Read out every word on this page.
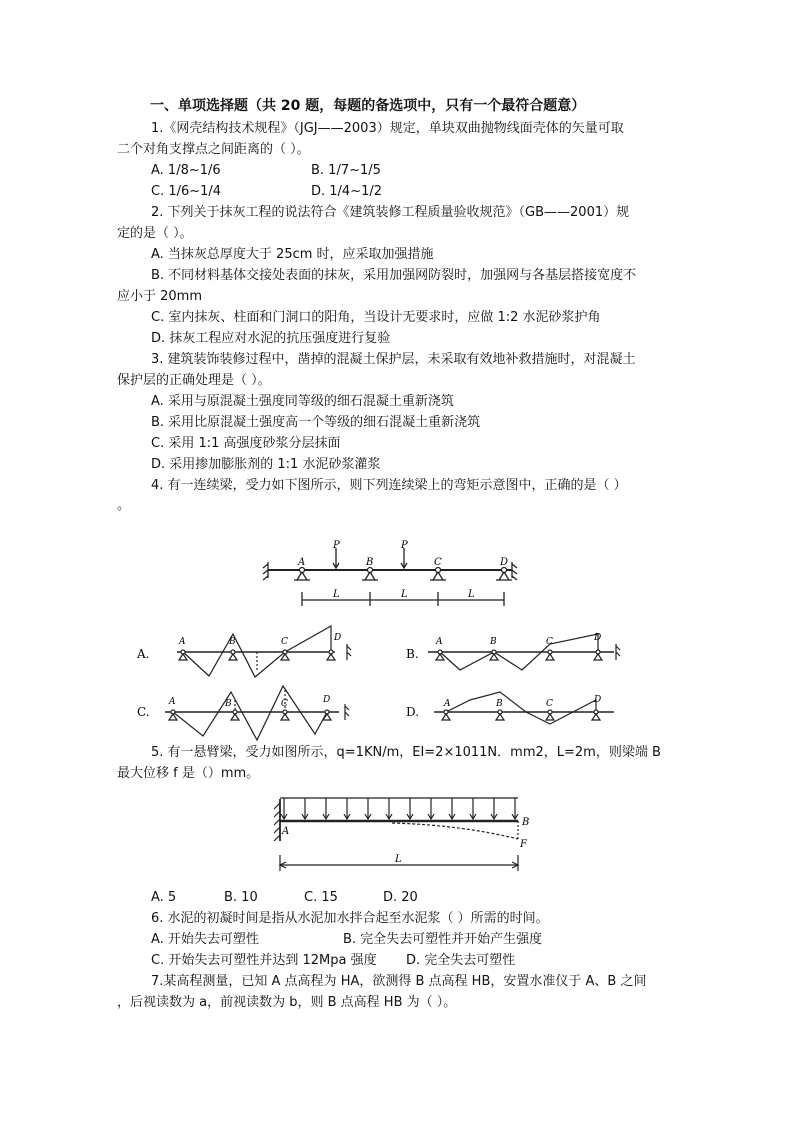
一、单项选择题（共 20 题，每题的备选项中，只有一个最符合题意）
1.《网壳结构技术规程》（JGJ——2003）规定，单块双曲抛物线面壳体的矢量可取
二个对角支撑点之间距离的（ ）。
A. 1/8~1/6	B. 1/7~1/5
C. 1/6~1/4	D. 1/4~1/2
2. 下列关于抹灰工程的说法符合《建筑装修工程质量验收规范》（GB——2001）规
定的是（ ）。
A. 当抹灰总厚度大于 25cm 时，应采取加强措施
B. 不同材料基体交接处表面的抹灰，采用加强网防裂时，加强网与各基层搭接宽度不
应小于 20mm
C. 室内抹灰、柱面和门洞口的阳角，当设计无要求时，应做 1:2 水泥砂浆护角
D. 抹灰工程应对水泥的抗压强度进行复验
3. 建筑装饰装修过程中，凿掉的混凝土保护层，未采取有效地补救措施时，对混凝土
保护层的正确处理是（ ）。
A. 采用与原混凝土强度同等级的细石混凝土重新浇筑
B. 采用比原混凝土强度高一个等级的细石混凝土重新浇筑
C. 采用 1:1 高强度砂浆分层抹面
D. 采用掺加膨胀剂的 1:1 水泥砂浆灌浆
4. 有一连续梁，受力如下图所示，则下列连续梁上的弯矩示意图中，正确的是（ ）
。
A	B	C	D
P	P
L	L	L
A.
A	B	C	D
B.
A	B	C	D
C.
A	B	C	D
D.
A	B	C	D
5. 有一悬臂梁，受力如图所示，q=1KN/m，EI=2×1011N．mm2，L=2m，则梁端 B
最大位移 f 是（）mm。
A
B
F
L
A. 5	B. 10	C. 15	D. 20
6. 水泥的初凝时间是指从水泥加水拌合起至水泥浆（ ）所需的时间。
A. 开始失去可塑性	B. 完全失去可塑性并开始产生强度
C. 开始失去可塑性并达到 12Mpa 强度 D. 完全失去可塑性
7.某高程测量，已知 A 点高程为 HA，欲测得 B 点高程 HB，安置水准仪于 A、B 之间
，后视读数为 a，前视读数为 b，则 B 点高程 HB 为（ ）。
